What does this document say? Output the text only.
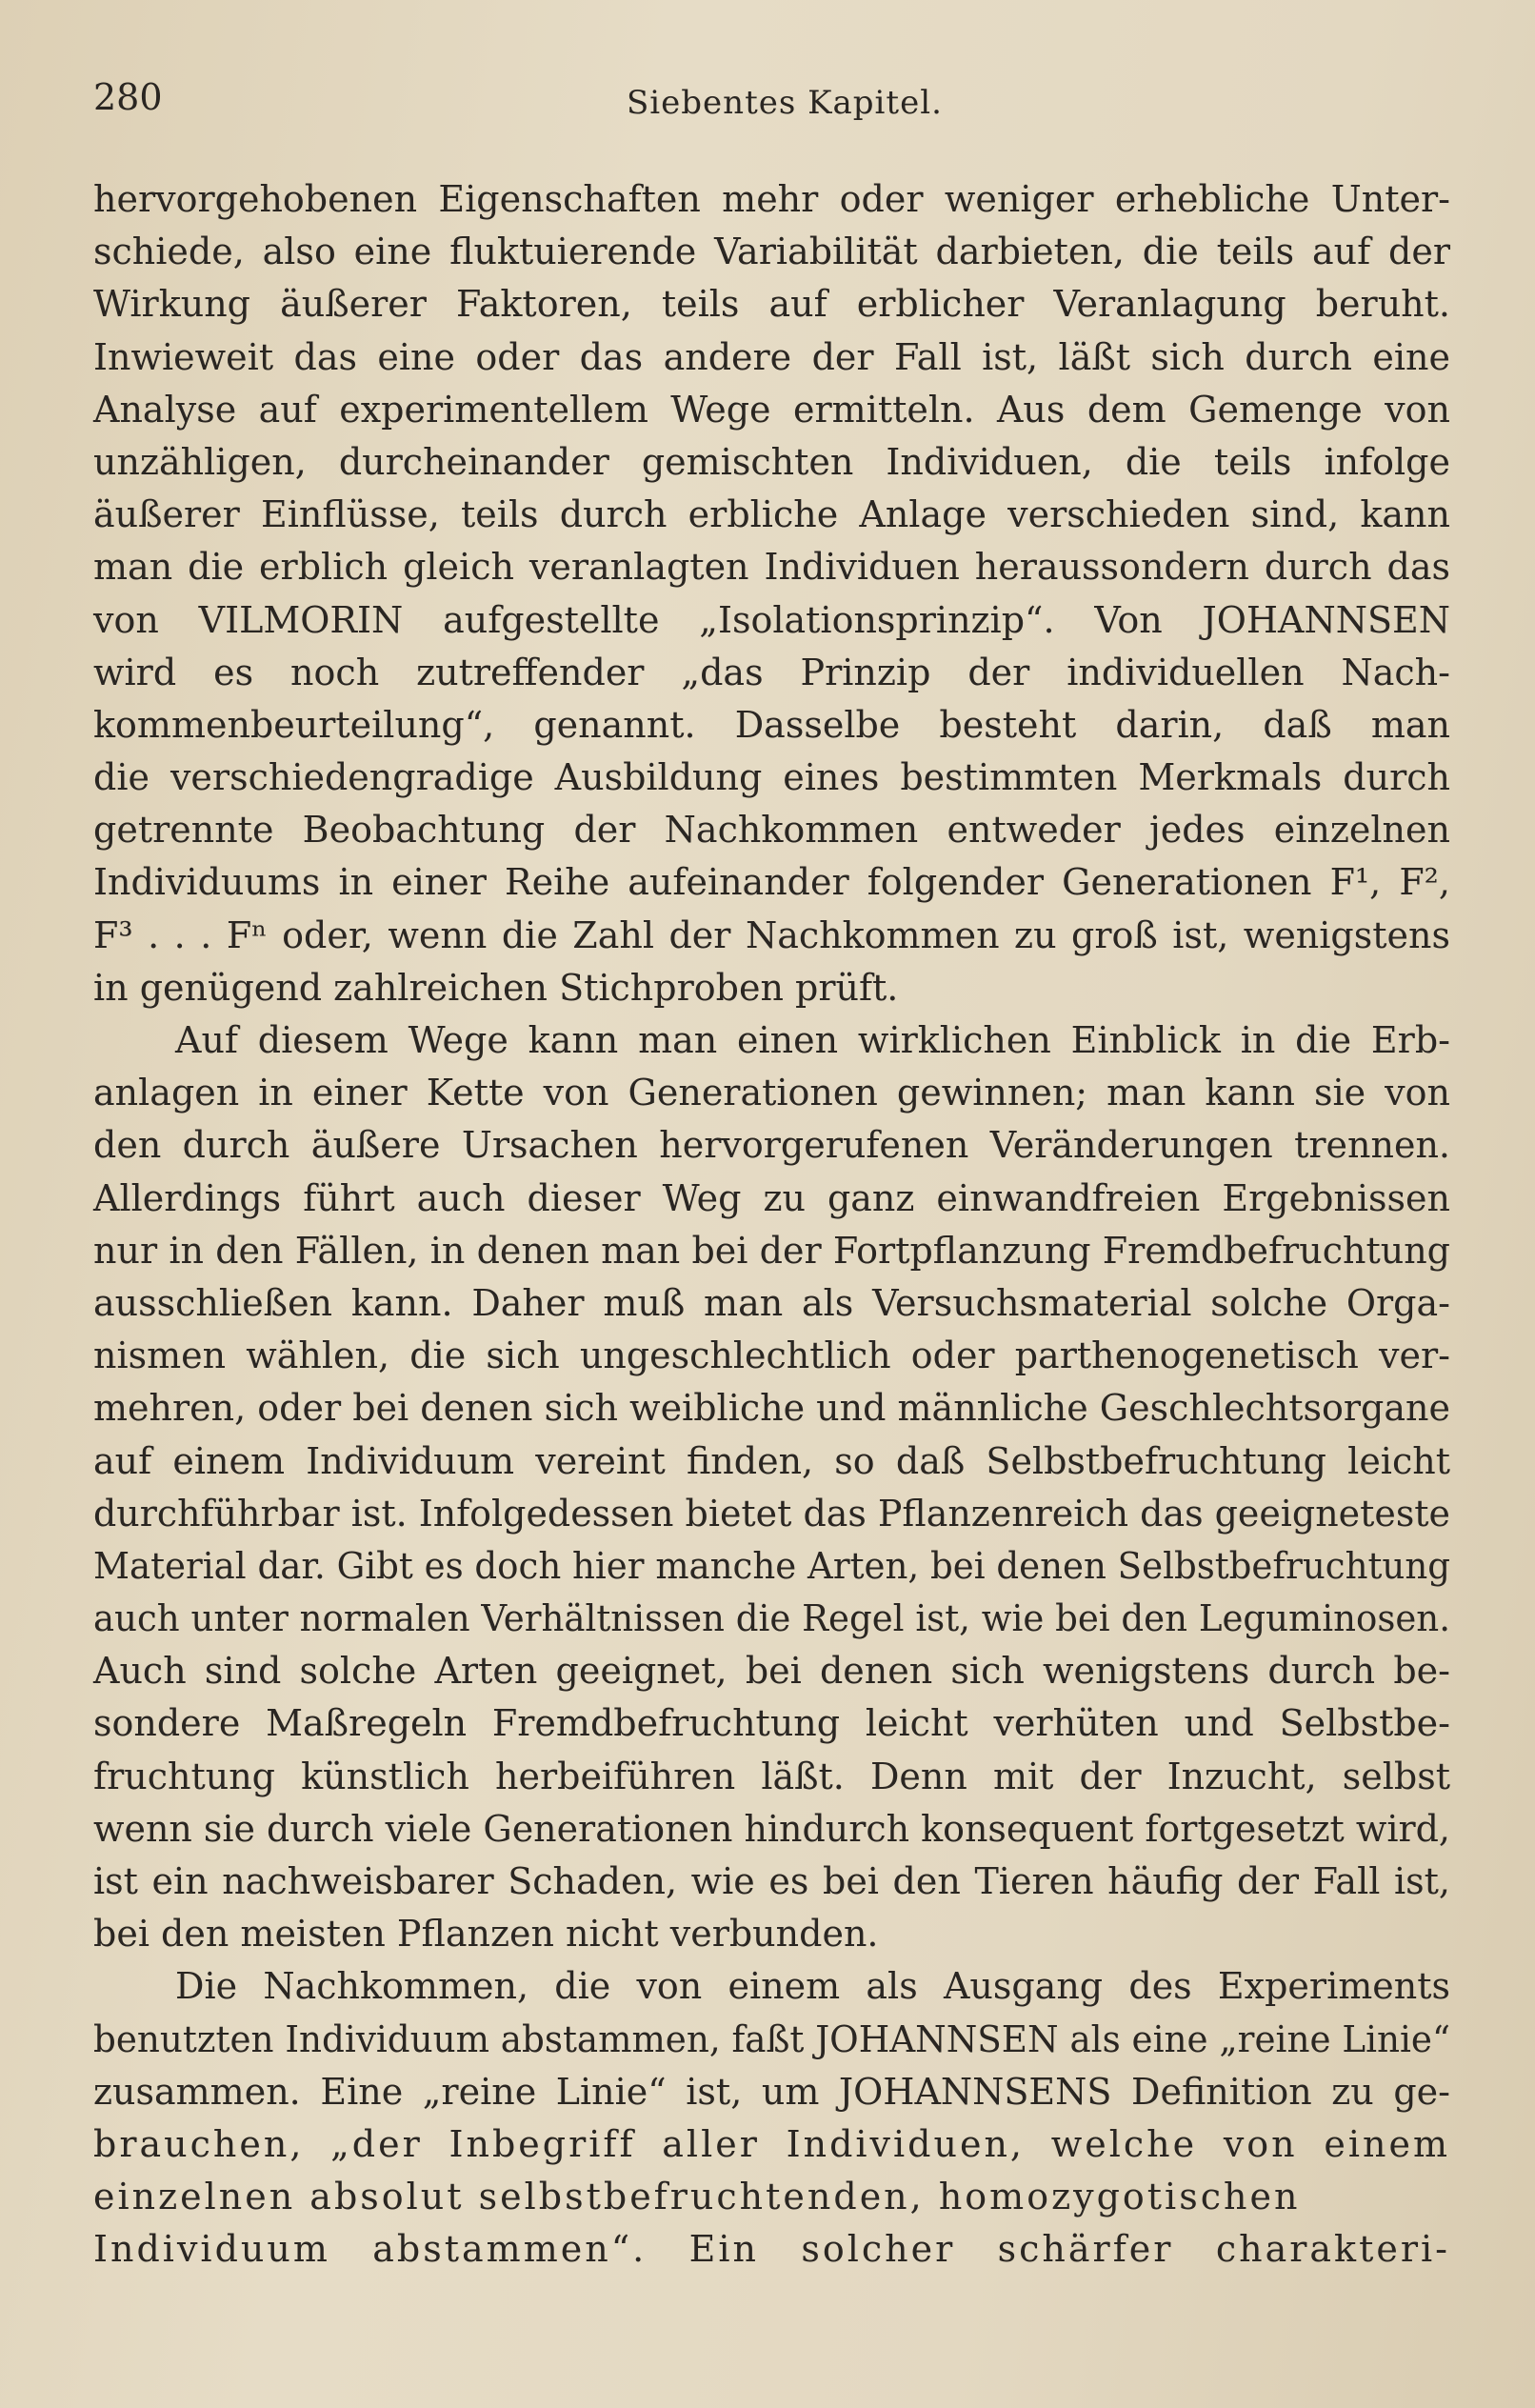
280	Siebentes Kapitel.
hervorgehobenen Eigenschaften mehr oder weniger erhebliche Unter-
schiede, also eine fluktuierende Variabilität darbieten, die teils auf der
Wirkung äußerer Faktoren, teils auf erblicher Veranlagung beruht.
Inwieweit das eine oder das andere der Fall ist, läßt sich durch eine
Analyse auf experimentellem Wege ermitteln. Aus dem Gemenge von
unzähligen, durcheinander gemischten Individuen, die teils infolge
äußerer Einflüsse, teils durch erbliche Anlage verschieden sind, kann
man die erblich gleich veranlagten Individuen heraussondern durch das
von VILMORIN aufgestellte „Isolationsprinzip“. Von JOHANNSEN
wird es noch zutreffender „das Prinzip der individuellen Nach-
kommenbeurteilung“, genannt. Dasselbe besteht darin, daß man
die verschiedengradige Ausbildung eines bestimmten Merkmals durch
getrennte Beobachtung der Nachkommen entweder jedes einzelnen
Individuums in einer Reihe aufeinander folgender Generationen F¹, F²,
F³ . . . Fⁿ oder, wenn die Zahl der Nachkommen zu groß ist, wenigstens
in genügend zahlreichen Stichproben prüft.
Auf diesem Wege kann man einen wirklichen Einblick in die Erb-
anlagen in einer Kette von Generationen gewinnen; man kann sie von
den durch äußere Ursachen hervorgerufenen Veränderungen trennen.
Allerdings führt auch dieser Weg zu ganz einwandfreien Ergebnissen
nur in den Fällen, in denen man bei der Fortpflanzung Fremdbefruchtung
ausschließen kann. Daher muß man als Versuchsmaterial solche Orga-
nismen wählen, die sich ungeschlechtlich oder parthenogenetisch ver-
mehren, oder bei denen sich weibliche und männliche Geschlechtsorgane
auf einem Individuum vereint finden, so daß Selbstbefruchtung leicht
durchführbar ist. Infolgedessen bietet das Pflanzenreich das geeigneteste
Material dar. Gibt es doch hier manche Arten, bei denen Selbstbefruchtung
auch unter normalen Verhältnissen die Regel ist, wie bei den Leguminosen.
Auch sind solche Arten geeignet, bei denen sich wenigstens durch be-
sondere Maßregeln Fremdbefruchtung leicht verhüten und Selbstbe-
fruchtung künstlich herbeiführen läßt. Denn mit der Inzucht, selbst
wenn sie durch viele Generationen hindurch konsequent fortgesetzt wird,
ist ein nachweisbarer Schaden, wie es bei den Tieren häufig der Fall ist,
bei den meisten Pflanzen nicht verbunden.
Die Nachkommen, die von einem als Ausgang des Experiments
benutzten Individuum abstammen, faßt JOHANNSEN als eine „reine Linie“
zusammen. Eine „reine Linie“ ist, um JOHANNSENS Definition zu ge-
brauchen, „der Inbegriff aller Individuen, welche von einem
einzelnen absolut selbstbefruchtenden, homozygotischen
Individuum abstammen“. Ein solcher schärfer charakteri-
